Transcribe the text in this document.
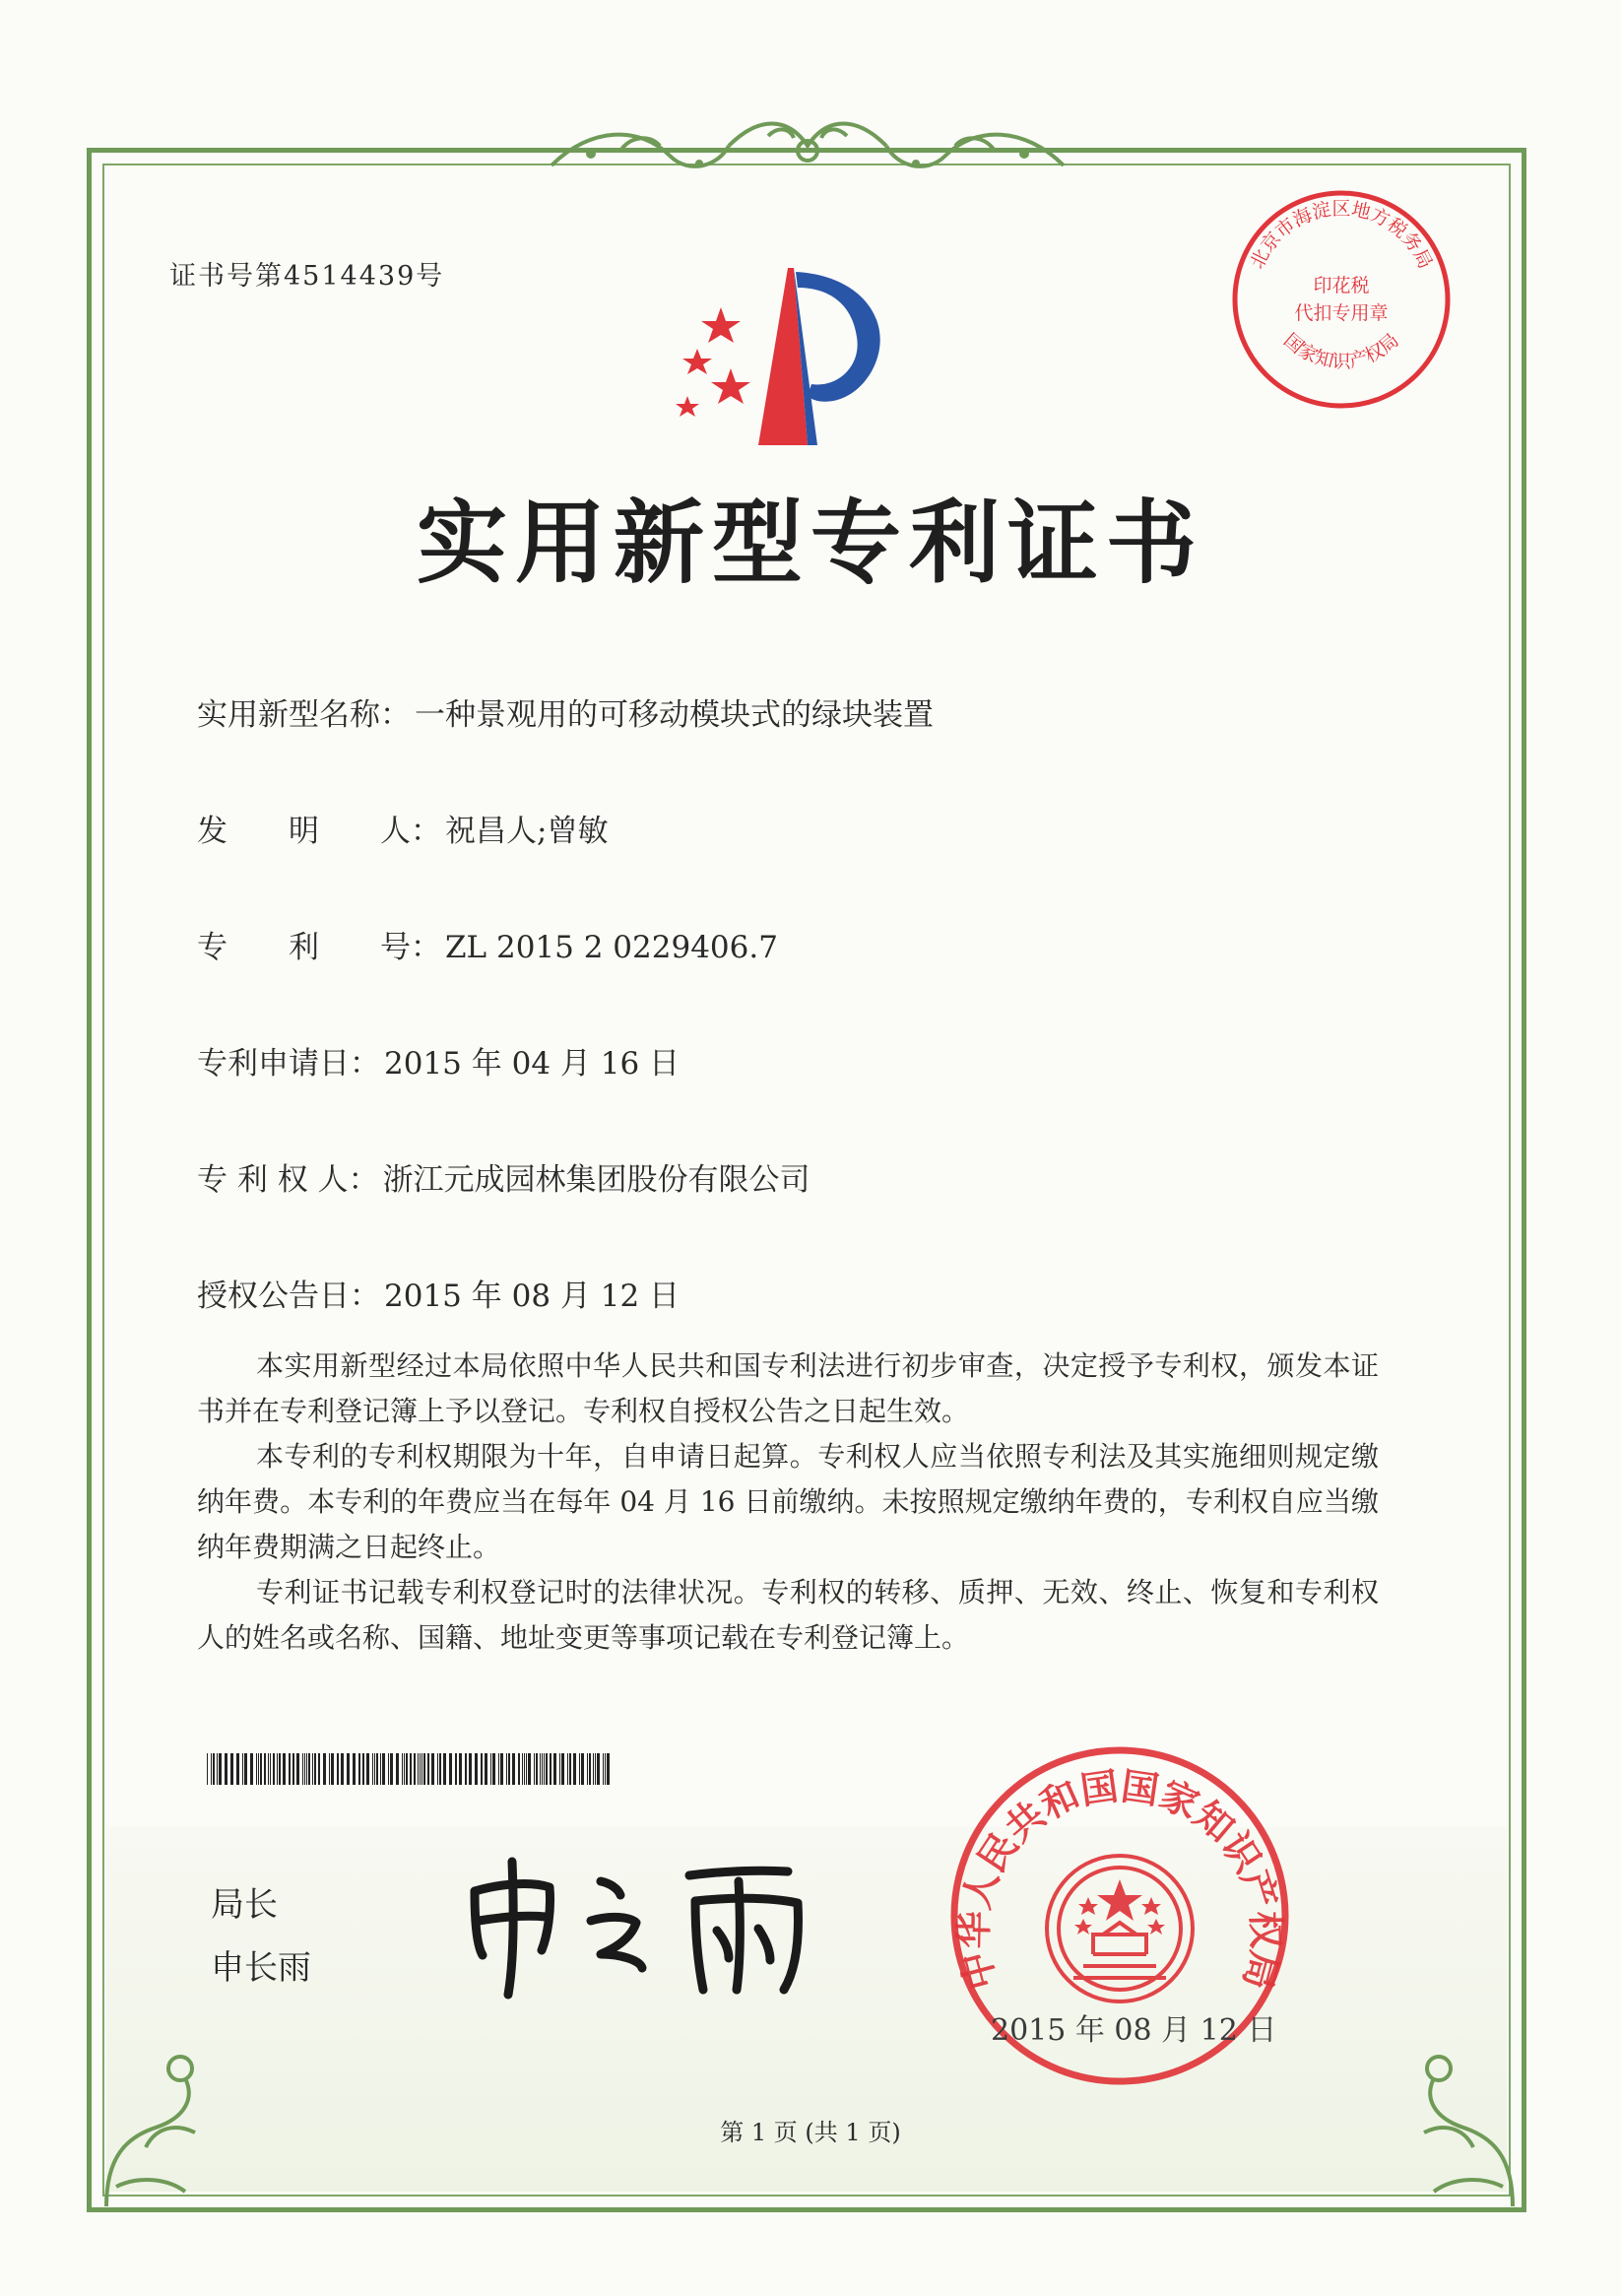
证书号第4514439号
北京市海淀区地方税务局
国家知识产权局
印花税
代扣专用章
实用新型专利证书
实用新型名称： 一种景观用的可移动模块式的绿块装置
发　　明　　人： 祝昌人;曾敏
专　　利　　号： ZL 2015 2 0229406.7
专利申请日： 2015 年 04 月 16 日
专 利 权 人： 浙江元成园林集团股份有限公司
授权公告日： 2015 年 08 月 12 日

本实用新型经过本局依照中华人民共和国专利法进行初步审查，决定授予专利权，颁发本证书并在专利登记簿上予以登记。专利权自授权公告之日起生效。

本专利的专利权期限为十年，自申请日起算。专利权人应当依照专利法及其实施细则规定缴纳年费。本专利的年费应当在每年 04 月 16 日前缴纳。未按照规定缴纳年费的，专利权自应当缴纳年费期满之日起终止。

专利证书记载专利权登记时的法律状况。专利权的转移、质押、无效、终止、恢复和专利权人的姓名或名称、国籍、地址变更等事项记载在专利登记簿上。

局长
申长雨	中华人民共和国国家知识产权局
2015 年 08 月 12 日
第 1 页 (共 1 页)
